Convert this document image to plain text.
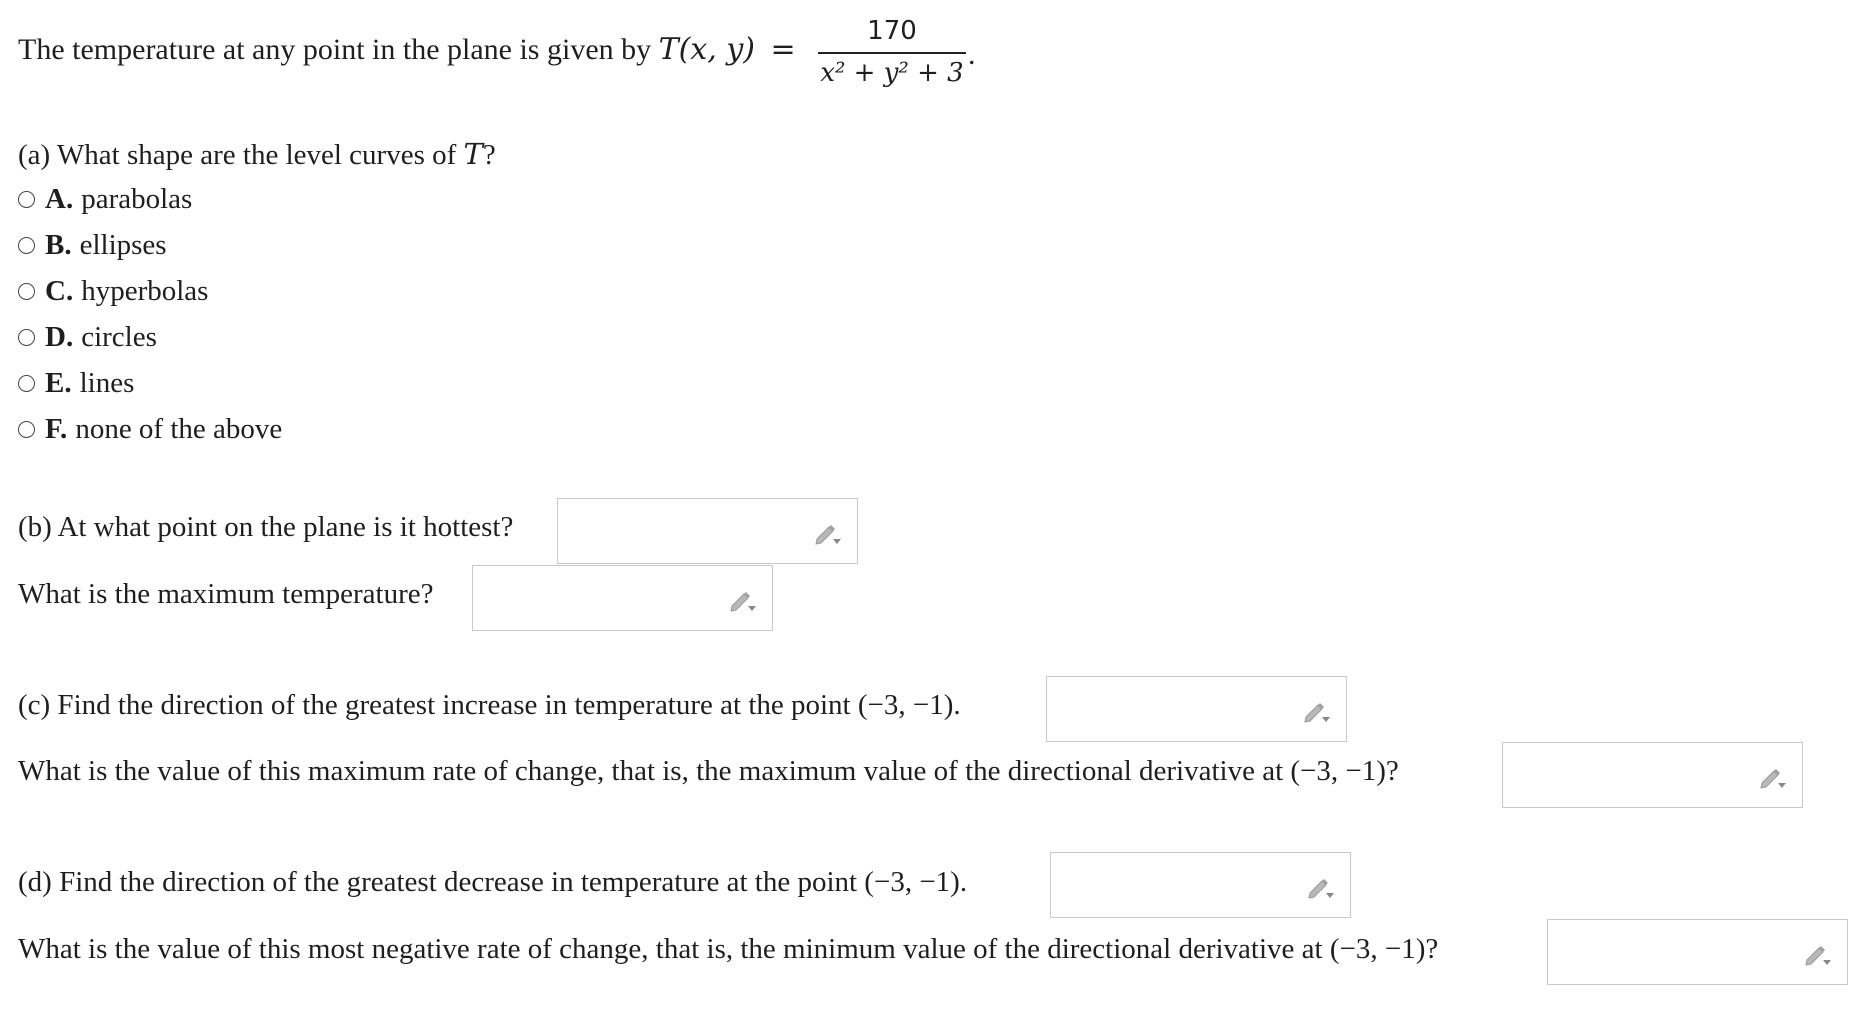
The temperature at any point in the plane is given by T(x, y) =
170
x² + y² + 3
.
(a) What shape are the level curves of T?
A. parabolas
B. ellipses
C. hyperbolas
D. circles
E. lines
F. none of the above
(b) At what point on the plane is it hottest?
What is the maximum temperature?
(c) Find the direction of the greatest increase in temperature at the point (−3, −1).
What is the value of this maximum rate of change, that is, the maximum value of the directional derivative at (−3, −1)?
(d) Find the direction of the greatest decrease in temperature at the point (−3, −1).
What is the value of this most negative rate of change, that is, the minimum value of the directional derivative at (−3, −1)?
